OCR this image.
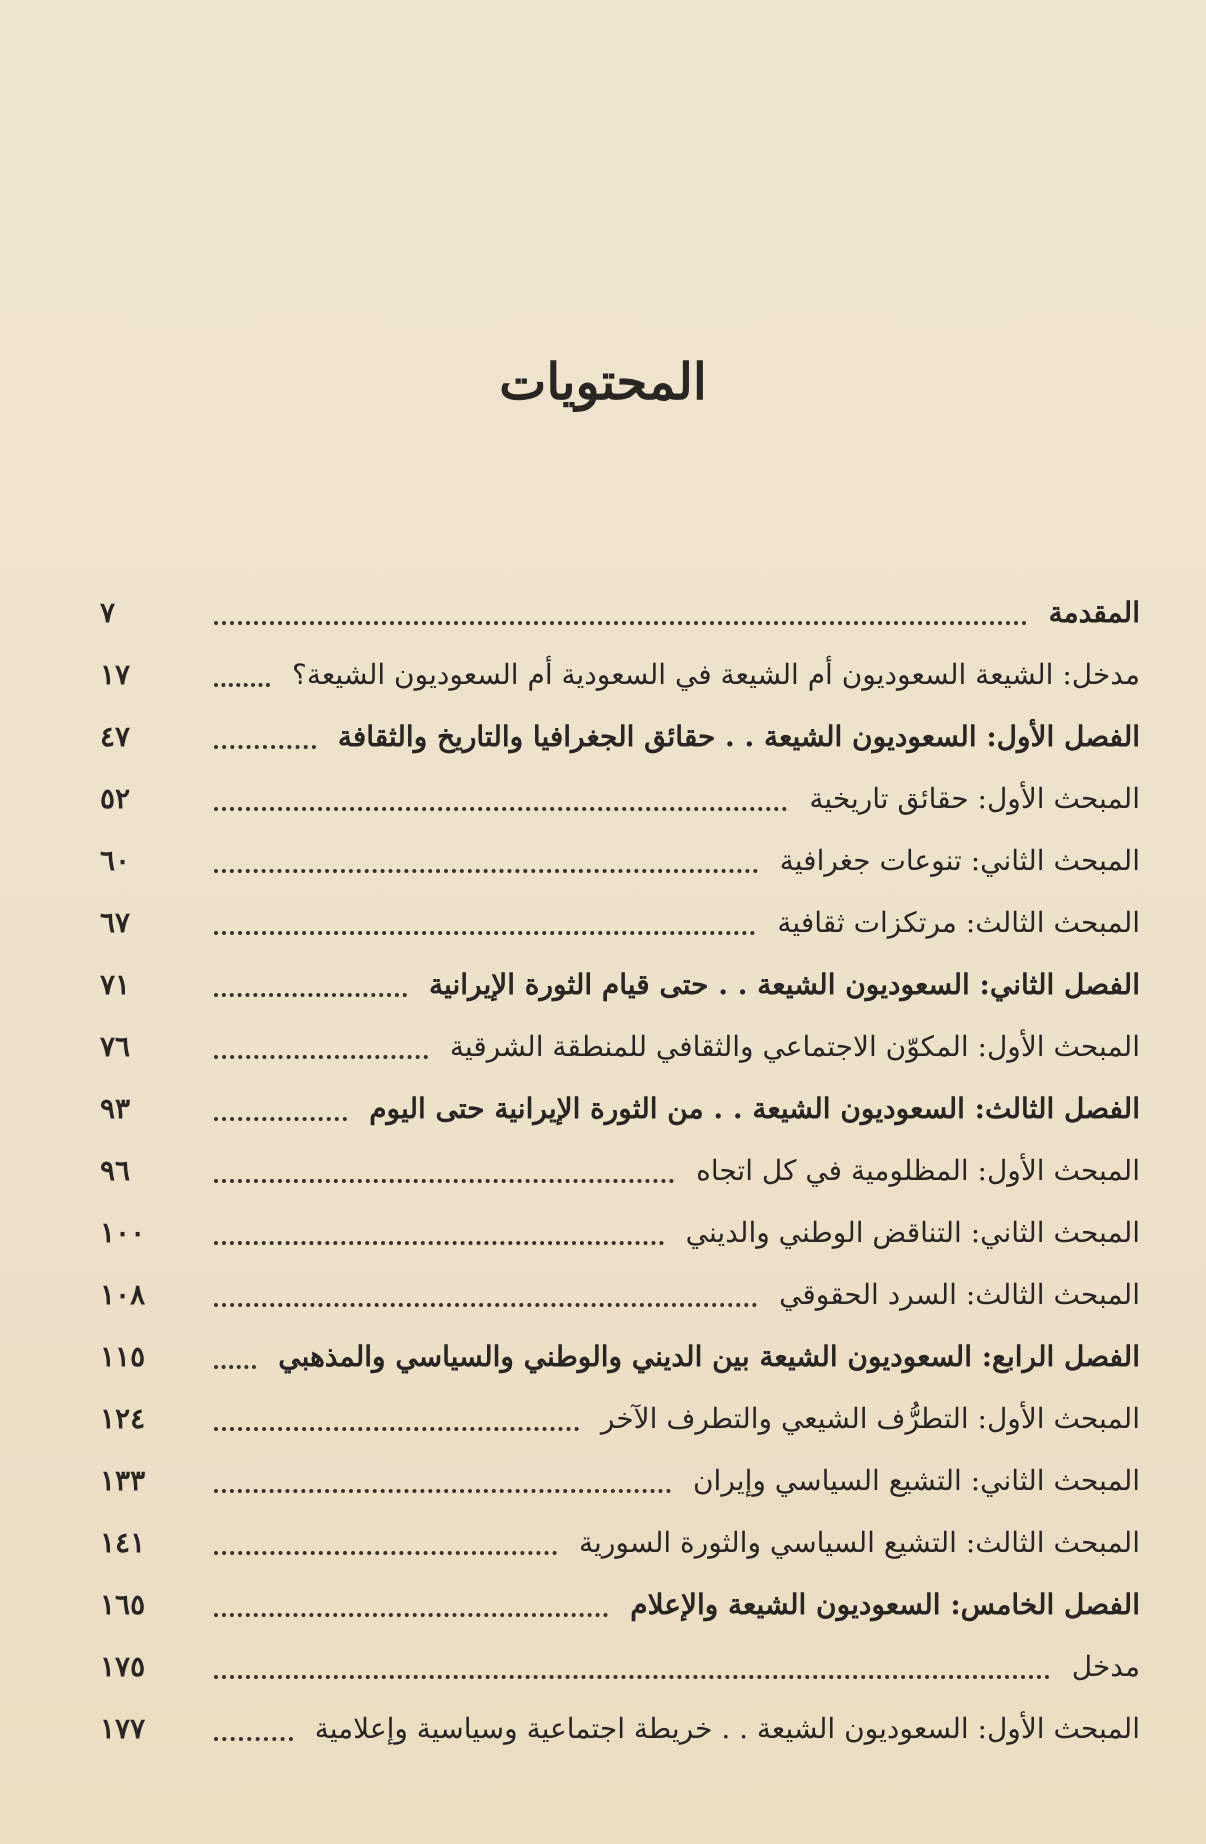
المحتويات
المقدمة
٧
مدخل: الشيعة السعوديون أم الشيعة في السعودية أم السعوديون الشيعة؟
١٧
الفصل الأول: السعوديون الشيعة . . حقائق الجغرافيا والتاريخ والثقافة
٤٧
المبحث الأول: حقائق تاريخية
٥٢
المبحث الثاني: تنوعات جغرافية
٦٠
المبحث الثالث: مرتكزات ثقافية
٦٧
الفصل الثاني: السعوديون الشيعة . . حتى قيام الثورة الإيرانية
٧١
المبحث الأول: المكوّن الاجتماعي والثقافي للمنطقة الشرقية
٧٦
الفصل الثالث: السعوديون الشيعة . . من الثورة الإيرانية حتى اليوم
٩٣
المبحث الأول: المظلومية في كل اتجاه
٩٦
المبحث الثاني: التناقض الوطني والديني
١٠٠
المبحث الثالث: السرد الحقوقي
١٠٨
الفصل الرابع: السعوديون الشيعة بين الديني والوطني والسياسي والمذهبي
١١٥
المبحث الأول: التطرُّف الشيعي والتطرف الآخر
١٢٤
المبحث الثاني: التشيع السياسي وإيران
١٣٣
المبحث الثالث: التشيع السياسي والثورة السورية
١٤١
الفصل الخامس: السعوديون الشيعة والإعلام
١٦٥
مدخل
١٧٥
المبحث الأول: السعوديون الشيعة . . خريطة اجتماعية وسياسية وإعلامية
١٧٧
